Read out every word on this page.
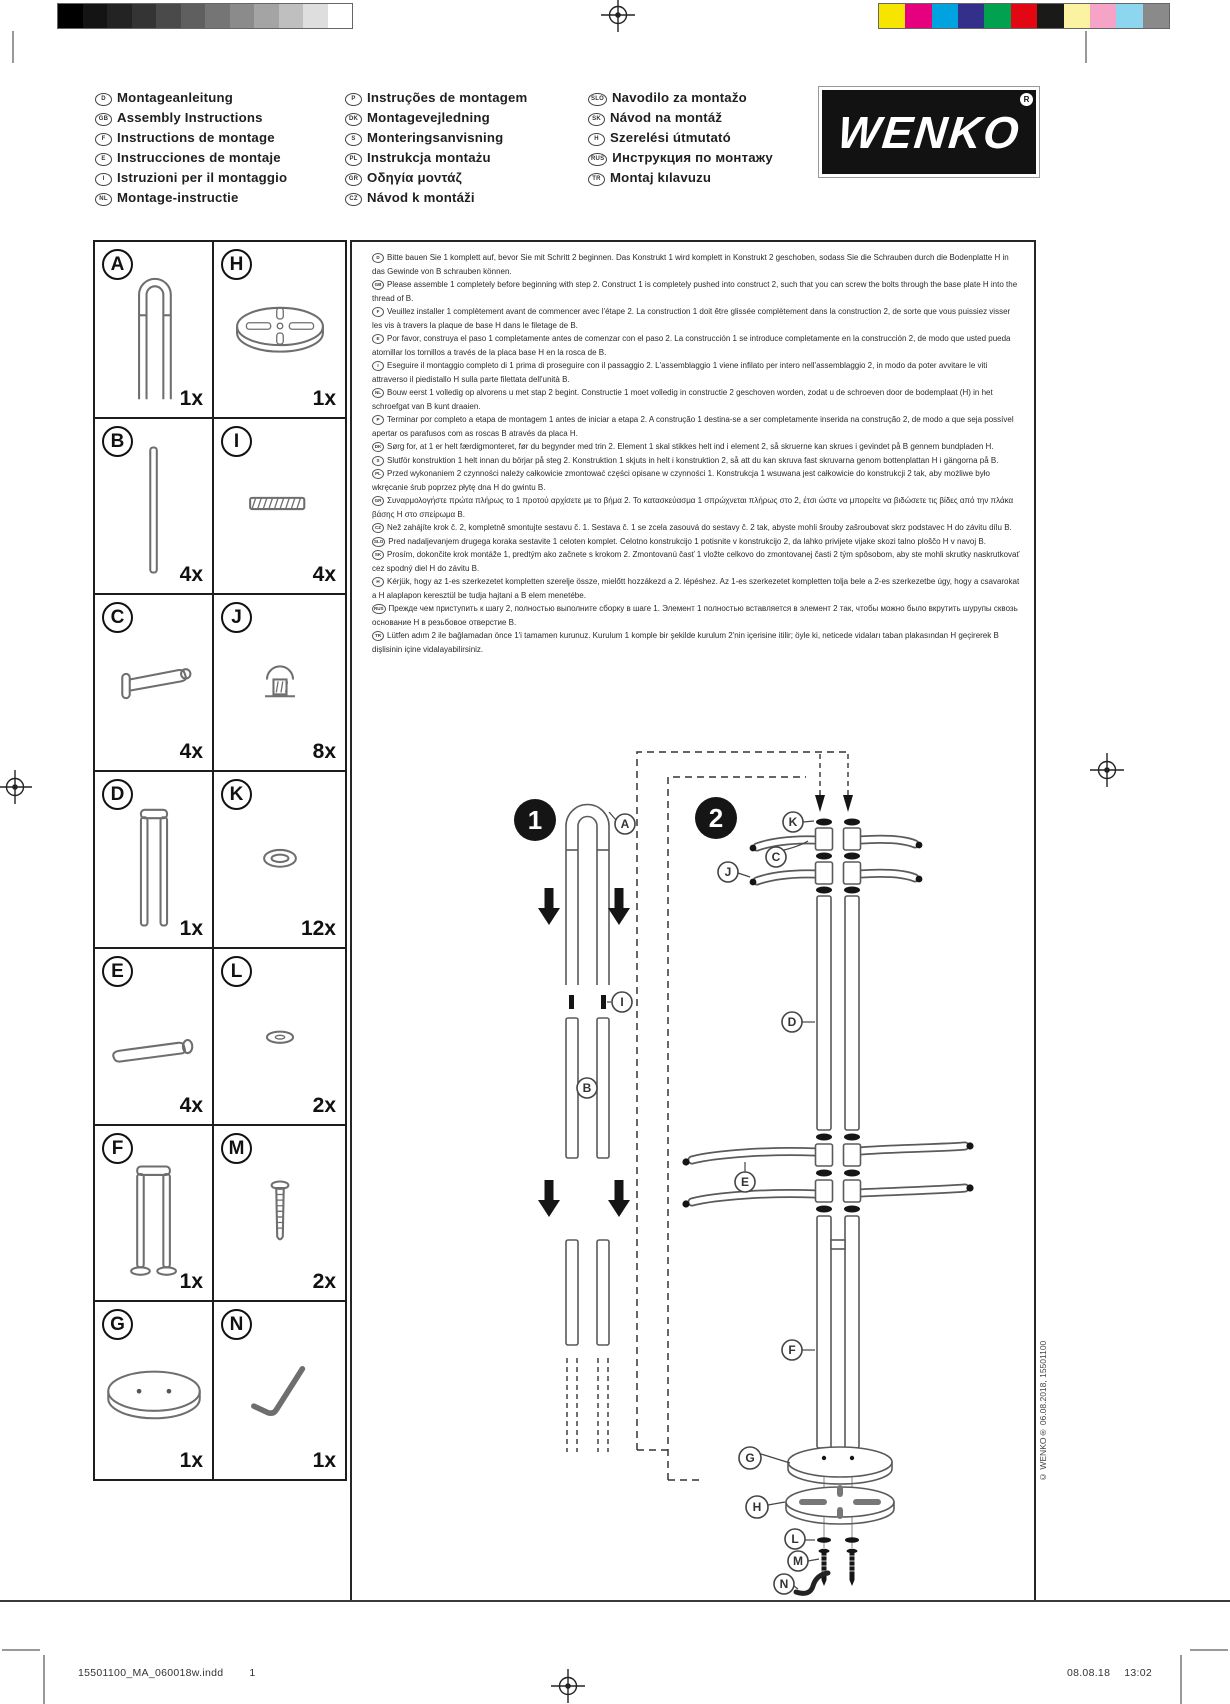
D Montageanleitung
GB Assembly Instructions
F Instructions de montage
E Instrucciones de montaje
I Istruzioni per il montaggio
NL Montage-instructie
P Instruções de montagem
DK Montagevejledning
S Monteringsanvisning
PL Instrukcja montażu
GR Οδηγία μοντάζ
CZ Návod k montáži
SLO Navodilo za montažo
SK Návod na montáž
H Szerelési útmutató
RUS Инструкция по монтажу
TR Montaj kılavuzu
WENKO
R
A
1x
H
1x
B
4x
I
4x
C
4x
J
8x
D
1x
K
12x
E
4x
L
2x
F
1x
M
2x
G
1x
N
1x

D Bitte bauen Sie 1 komplett auf, bevor Sie mit Schritt 2 beginnen. Das Konstrukt 1 wird komplett in Konstrukt 2 geschoben, sodass Sie die Schrauben durch die Bodenplatte H in das Gewinde von B schrauben können.

GB Please assemble 1 completely before beginning with step 2. Construct 1 is completely pushed into construct 2, such that you can screw the bolts through the base plate H into the thread of B.

F Veuillez installer 1 complètement avant de commencer avec l'étape 2. La construction 1 doit être glissée complètement dans la construction 2, de sorte que vous puissiez visser les vis à travers la plaque de base H dans le filetage de B.

E Por favor, construya el paso 1 completamente antes de comenzar con el paso 2. La construcción 1 se introduce completamente en la construcción 2, de modo que usted pueda atornillar los tornillos a través de la placa base H en la rosca de B.

I Eseguire il montaggio completo di 1 prima di proseguire con il passaggio 2. L'assemblaggio 1 viene infilato per intero nell'assemblaggio 2, in modo da poter avvitare le viti attraverso il piedistallo H sulla parte filettata dell'unità B.

NL Bouw eerst 1 volledig op alvorens u met stap 2 begint. Constructie 1 moet volledig in constructie 2 geschoven worden, zodat u de schroeven door de bodemplaat (H) in het schroefgat van B kunt draaien.

P Terminar por completo a etapa de montagem 1 antes de iniciar a etapa 2. A construção 1 destina-se a ser completamente inserida na construção 2, de modo a que seja possível apertar os parafusos com as roscas B através da placa H.

DK Sørg for, at 1 er helt færdigmonteret, før du begynder med trin 2. Element 1 skal stikkes helt ind i element 2, så skruerne kan skrues i gevindet på B gennem bundpladen H.

S Slutför konstruktion 1 helt innan du börjar på steg 2. Konstruktion 1 skjuts in helt i konstruktion 2, så att du kan skruva fast skruvarna genom bottenplattan H i gängorna på B.

PL Przed wykonaniem 2 czynności należy całkowicie zmontować części opisane w czynności 1. Konstrukcja 1 wsuwana jest całkowicie do konstrukcji 2 tak, aby możliwe było wkręcanie śrub poprzez płytę dna H do gwintu B.

GR Συναρμολογήστε πρώτα πλήρως το 1 προτού αρχίσετε με το βήμα 2. Το κατασκεύασμα 1 σπρώχνεται πλήρως στο 2, έτσι ώστε να μπορείτε να βιδώσετε τις βίδες από την πλάκα βάσης H στο σπείρωμα B.

CZ Než zahájíte krok č. 2, kompletně smontujte sestavu č. 1. Sestava č. 1 se zcela zasouvá do sestavy č. 2 tak, abyste mohli šrouby zašroubovat skrz podstavec H do závitu dílu B.

SLO Pred nadaljevanjem drugega koraka sestavite 1 celoten komplet. Celotno konstrukcijo 1 potisnite v konstrukcijo 2, da lahko privijete vijake skozi talno ploščo H v navoj B.

SK Prosím, dokončite krok montáže 1, predtým ako začnete s krokom 2. Zmontovanú časť 1 vložte celkovo do zmontovanej časti 2 tým spôsobom, aby ste mohli skrutky naskrutkovať cez spodný diel H do závitu B.

H Kérjük, hogy az 1-es szerkezetet kompletten szerelje össze, mielőtt hozzákezd a 2. lépéshez. Az 1-es szerkezetet kompletten tolja bele a 2-es szerkezetbe úgy, hogy a csavarokat a H alaplapon keresztül be tudja hajtani a B elem menetébe.

RUS Прежде чем приступить к шагу 2, полностью выполните сборку в шаге 1. Элемент 1 полностью вставляется в элемент 2 так, чтобы можно было вкрутить шурупы сквозь основание H в резьбовое отверстие B.

TR Lütfen adım 2 ile bağlamadan önce 1'i tamamen kurunuz. Kurulum 1 komple bir şekilde kurulum 2'nin içerisine itilir; öyle ki, neticede vidaları taban plakasından H geçirerek B dişlisinin içine vidalayabilirsiniz.

1	A
I
B
2	K
C
J
D
E
F
G
H
L
M
N
15501100_MA_060018w.indd 1	08.08.18 13:02
© WENKO® 06.08.2018, 15501100
